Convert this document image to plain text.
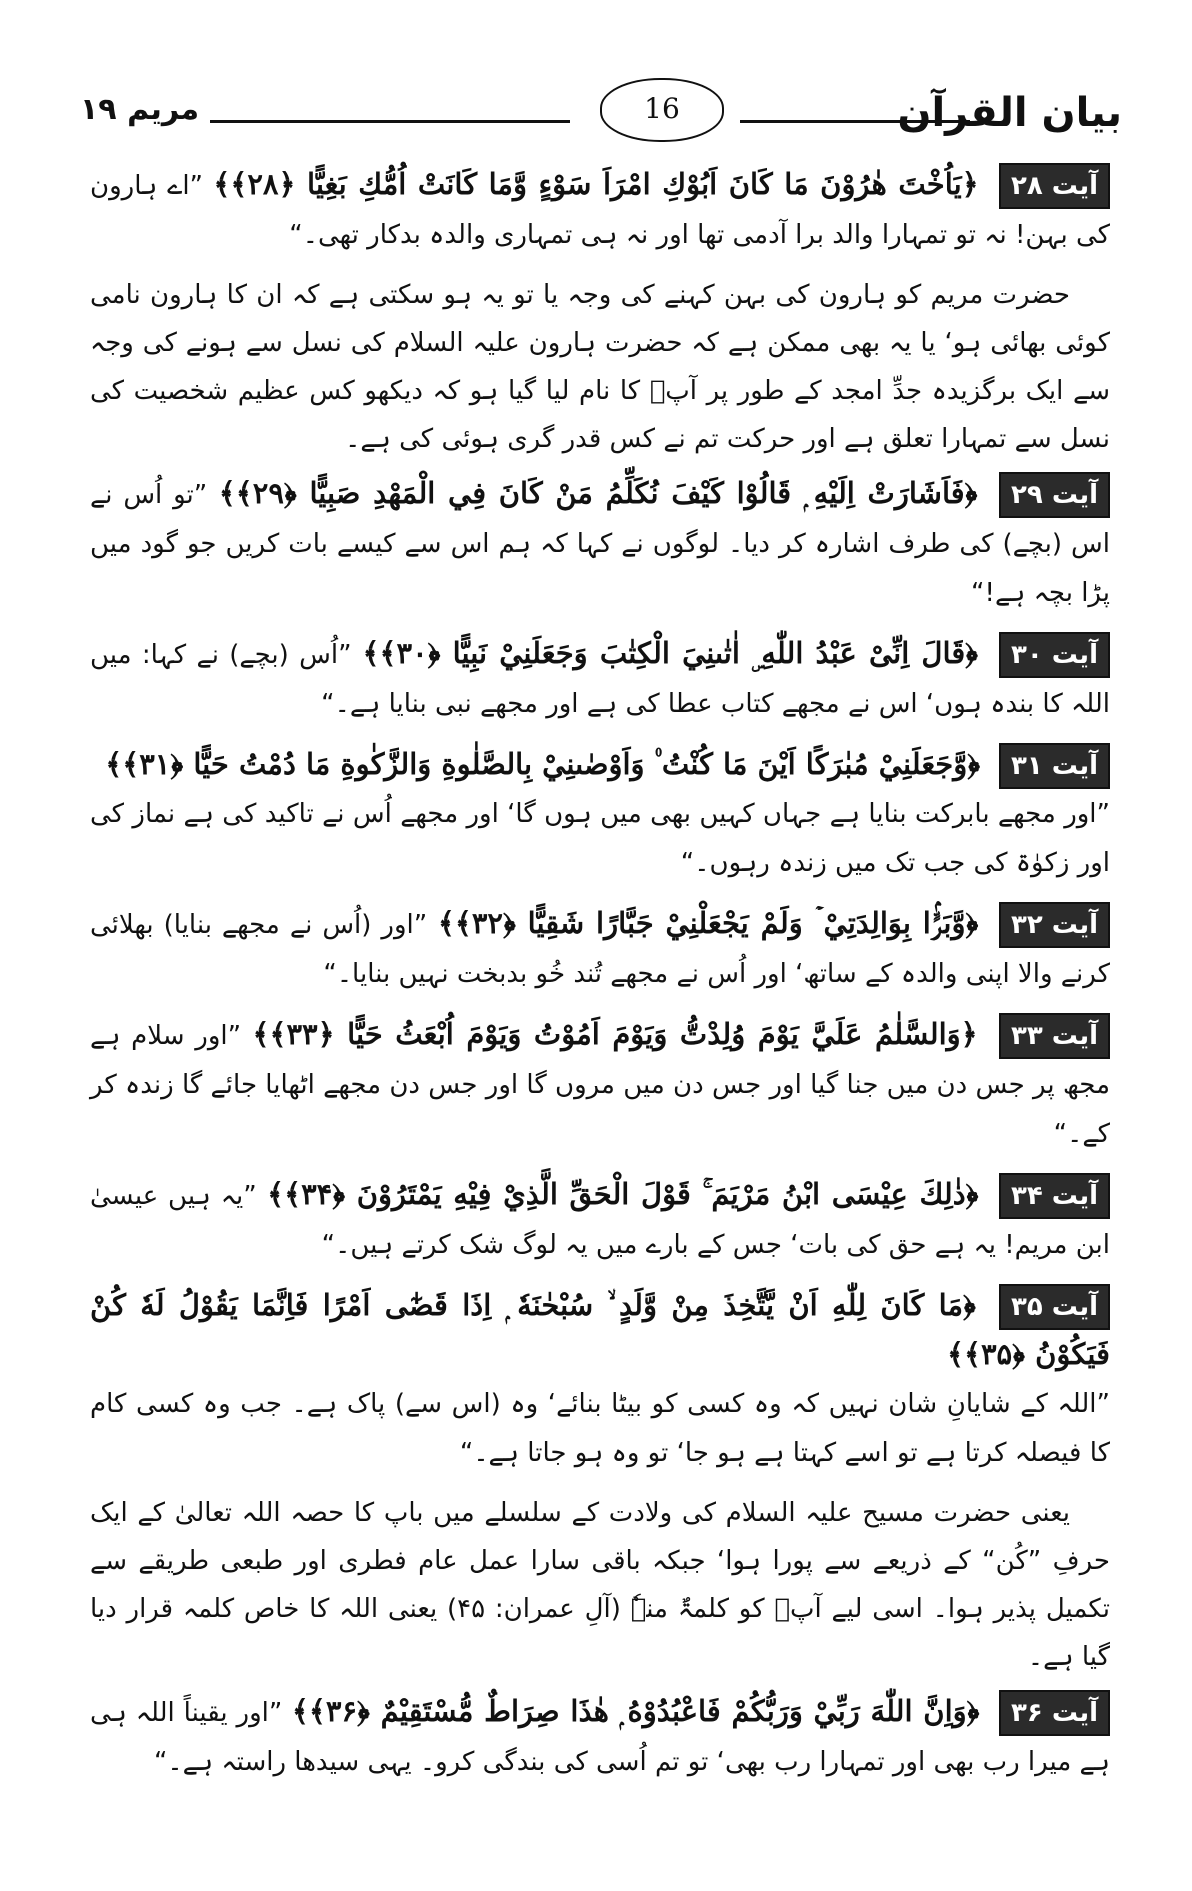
مریم ۱۹	16	بیان القرآن

آیت ۲۸ ﴿يَاُخْتَ هٰرُوْنَ مَا كَانَ اَبُوْكِ امْرَاَ سَوْءٍ وَّمَا كَانَتْ اُمُّكِ بَغِيًّا ﴿۲۸﴾﴾ ”اے ہارون کی بہن! نہ تو تمہارا والد برا آدمی تھا اور نہ ہی تمہاری والدہ بدکار تھی۔“

حضرت مریم کو ہارون کی بہن کہنے کی وجہ یا تو یہ ہو سکتی ہے کہ ان کا ہارون نامی کوئی بھائی ہو‘ یا یہ بھی ممکن ہے کہ حضرت ہارون علیہ السلام کی نسل سے ہونے کی وجہ سے ایک برگزیدہ جدِّ امجد کے طور پر آپؑ کا نام لیا گیا ہو کہ دیکھو کس عظیم شخصیت کی نسل سے تمہارا تعلق ہے اور حرکت تم نے کس قدر گری ہوئی کی ہے۔

آیت ۲۹ ﴿فَاَشَارَتْ اِلَيْهِ ۭ قَالُوْا كَيْفَ نُكَلِّمُ مَنْ كَانَ فِي الْمَهْدِ صَبِيًّا ﴿۲۹﴾﴾ ”تو اُس نے اس (بچے) کی طرف اشارہ کر دیا۔ لوگوں نے کہا کہ ہم اس سے کیسے بات کریں جو گود میں پڑا بچہ ہے!“

آیت ۳۰ ﴿قَالَ اِنِّىْ عَبْدُ اللّٰهِ ۣ اٰتٰىنِيَ الْكِتٰبَ وَجَعَلَنِيْ نَبِيًّا ﴿۳۰﴾﴾ ”اُس (بچے) نے کہا: میں اللہ کا بندہ ہوں‘ اس نے مجھے کتاب عطا کی ہے اور مجھے نبی بنایا ہے۔“

آیت ۳۱ ﴿وَّجَعَلَنِيْ مُبٰرَكًا اَيْنَ مَا كُنْتُ ۠ وَاَوْصٰىنِيْ بِالصَّلٰوةِ وَالزَّكٰوةِ مَا دُمْتُ حَيًّا ﴿۳۱﴾﴾

”اور مجھے بابرکت بنایا ہے جہاں کہیں بھی میں ہوں گا‘ اور مجھے اُس نے تاکید کی ہے نماز کی اور زکوٰۃ کی جب تک میں زندہ رہوں۔“

آیت ۳۲ ﴿وَّبَرًّۢا بِوَالِدَتِيْ ۡ وَلَمْ يَجْعَلْنِيْ جَبَّارًا شَقِيًّا ﴿۳۲﴾﴾ ”اور (اُس نے مجھے بنایا) بھلائی کرنے والا اپنی والدہ کے ساتھ‘ اور اُس نے مجھے تُند خُو بدبخت نہیں بنایا۔“

آیت ۳۳ ﴿وَالسَّلٰمُ عَلَيَّ يَوْمَ وُلِدْتُّ وَيَوْمَ اَمُوْتُ وَيَوْمَ اُبْعَثُ حَيًّا ﴿۳۳﴾﴾ ”اور سلام ہے مجھ پر جس دن میں جنا گیا اور جس دن میں مروں گا اور جس دن مجھے اٹھایا جائے گا زندہ کر کے۔“

آیت ۳۴ ﴿ذٰلِكَ عِيْسَى ابْنُ مَرْيَمَ ۚ قَوْلَ الْحَقِّ الَّذِيْ فِيْهِ يَمْتَرُوْنَ ﴿۳۴﴾﴾ ”یہ ہیں عیسیٰ ابن مریم! یہ ہے حق کی بات‘ جس کے بارے میں یہ لوگ شک کرتے ہیں۔“

آیت ۳۵ ﴿مَا كَانَ لِلّٰهِ اَنْ يَّتَّخِذَ مِنْ وَّلَدٍ ۙ سُبْحٰنَهٗ ۭ اِذَا قَضٰٓى اَمْرًا فَاِنَّمَا يَقُوْلُ لَهٗ كُنْ فَيَكُوْنُ ﴿۳۵﴾﴾

”اللہ کے شایانِ شان نہیں کہ وہ کسی کو بیٹا بنائے‘ وہ (اس سے) پاک ہے۔ جب وہ کسی کام کا فیصلہ کرتا ہے تو اسے کہتا ہے ہو جا‘ تو وہ ہو جاتا ہے۔“

یعنی حضرت مسیح علیہ السلام کی ولادت کے سلسلے میں باپ کا حصہ اللہ تعالیٰ کے ایک حرفِ ”کُن“ کے ذریعے سے پورا ہوا‘ جبکہ باقی سارا عمل عام فطری اور طبعی طریقے سے تکمیل پذیر ہوا۔ اسی لیے آپؑ کو کلمۃٌ منہٗ (آلِ عمران: ۴۵) یعنی اللہ کا خاص کلمہ قرار دیا گیا ہے۔

آیت ۳۶ ﴿وَاِنَّ اللّٰهَ رَبِّيْ وَرَبُّكُمْ فَاعْبُدُوْهُ ۭ ھٰذَا صِرَاطٌ مُّسْتَقِيْمٌ ﴿۳۶﴾﴾ ”اور یقیناً اللہ ہی ہے میرا رب بھی اور تمہارا رب بھی‘ تو تم اُسی کی بندگی کرو۔ یہی سیدھا راستہ ہے۔“
